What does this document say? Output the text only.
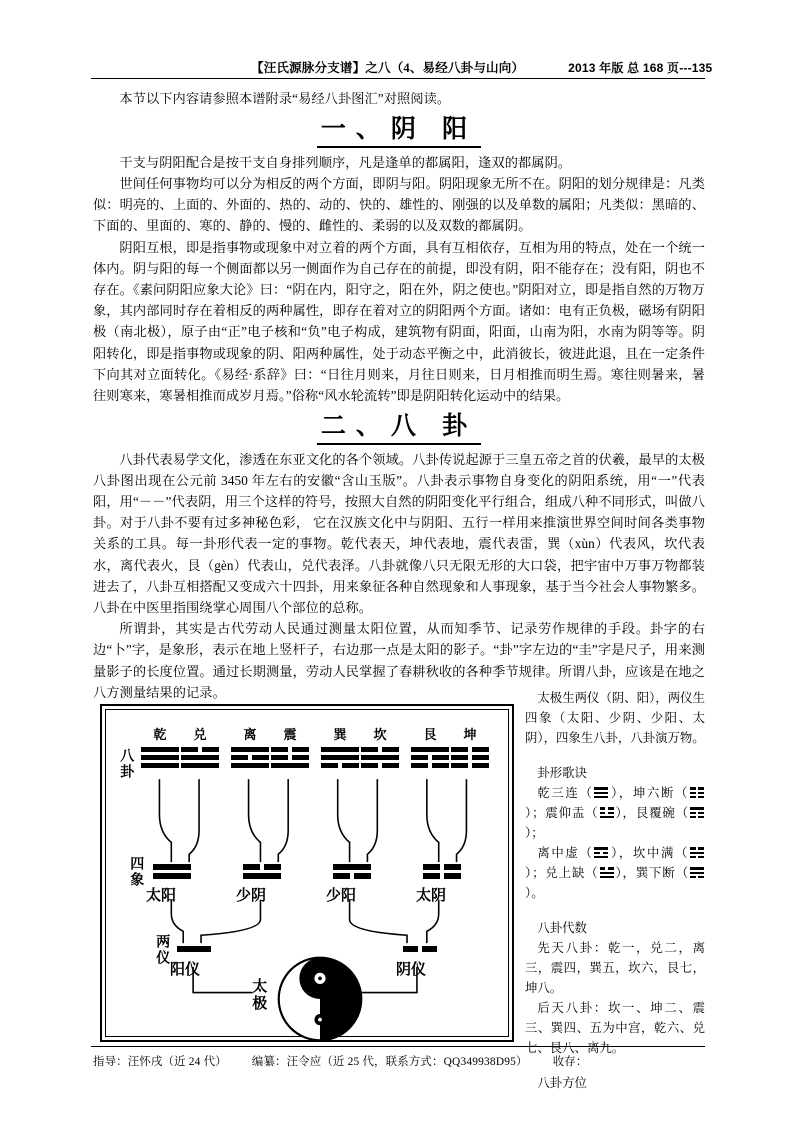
【汪氏源脉分支谱】之八（4、易经八卦与山向）	2013 年版 总 168 页---135

本节以下内容请参照本谱附录“易经八卦图汇”对照阅读。

一、阴 阳

干支与阴阳配合是按干支自身排列顺序，凡是逢单的都属阳，逢双的都属阴。

世间任何事物均可以分为相反的两个方面，即阴与阳。阴阳现象无所不在。阴阳的划分规律是：凡类似：明亮的、上面的、外面的、热的、动的、快的、雄性的、刚强的以及单数的属阳；凡类似：黑暗的、下面的、里面的、寒的、静的、慢的、雌性的、柔弱的以及双数的都属阴。

阴阳互根，即是指事物或现象中对立着的两个方面，具有互相依存，互相为用的特点，处在一个统一体内。阴与阳的每一个侧面都以另一侧面作为自己存在的前提，即没有阴，阳不能存在；没有阳，阴也不存在。《素问阴阳应象大论》曰：“阴在内，阳守之，阳在外，阴之使也。”阴阳对立，即是指自然的万物万象，其内部同时存在着相反的两种属性，即存在着对立的阴阳两个方面。诸如：电有正负极，磁场有阴阳极（南北极），原子由“正”电子核和“负”电子构成，建筑物有阴面，阳面，山南为阳，水南为阴等等。阴阳转化，即是指事物或现象的阴、阳两种属性，处于动态平衡之中，此消彼长，彼进此退，且在一定条件下向其对立面转化。《易经·系辞》曰：“日往月则来，月往日则来，日月相推而明生焉。寒往则暑来，暑往则寒来，寒暑相推而成岁月焉。”俗称“风水轮流转”即是阴阳转化运动中的结果。

二、八 卦

八卦代表易学文化，渗透在东亚文化的各个领域。八卦传说起源于三皇五帝之首的伏羲，最早的太极八卦图出现在公元前 3450 年左右的安徽“含山玉版”。八卦表示事物自身变化的阴阳系统，用“一”代表阳，用“－－”代表阴，用三个这样的符号，按照大自然的阴阳变化平行组合，组成八种不同形式，叫做八卦。对于八卦不要有过多神秘色彩， 它在汉族文化中与阴阳、五行一样用来推演世界空间时间各类事物关系的工具。每一卦形代表一定的事物。乾代表天，坤代表地，震代表雷，巽（xùn）代表风，坎代表水，离代表火，艮（gèn）代表山，兑代表泽。八卦就像八只无限无形的大口袋，把宇宙中万事万物都装进去了，八卦互相搭配又变成六十四卦，用来象征各种自然现象和人事现象，基于当今社会人事物繁多。八卦在中医里指围绕掌心周围八个部位的总称。

所谓卦，其实是古代劳动人民通过测量太阳位置，从而知季节、记录劳作规律的手段。卦字的右边“卜”字，是象形，表示在地上竖杆子，右边那一点是太阳的影子。“卦”字左边的“圭”字是尺子，用来测量影子的长度位置。通过长期测量，劳动人民掌握了春耕秋收的各种季节规律。所谓八卦，应该是在地之八方测量结果的记录。

八卦
四象
两仪
乾	兑	离	震	巽	坎	艮	坤
太阳	少阴	少阳	太阴
阳仪	阴仪
太极

太极生两仪（阴、阳），两仪生四象（太阳、少阴、少阳、太阴），四象生八卦，八卦演万物。

卦形歌诀

乾三连（ ），坤六断（
）；震仰盂（ ），艮覆碗（
）；

离中虚（ ），坎中满（
）；兑上缺（ ），巽下断（
）。

八卦代数

先天八卦：乾一，兑二，离三，震四，巽五，坎六，艮七，坤八。

后天八卦：坎一、坤二、震三、巽四、五为中宫，乾六、兑七、艮八、离九。

八卦方位

指导：汪怀戌（近 24 代） 编纂：汪令应（近 25 代，联系方式：QQ349938D95） 收存：
